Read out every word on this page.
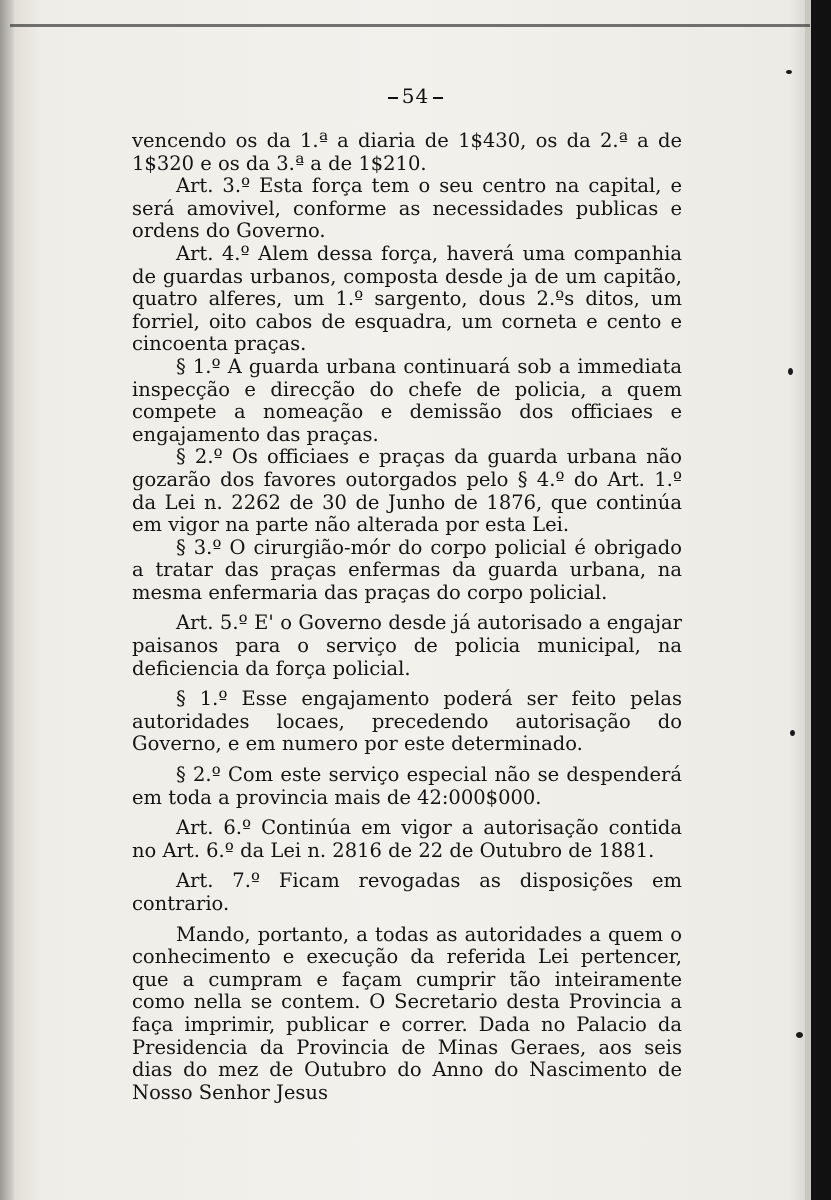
54

vencendo os da 1.ª a diaria de 1$430, os da 2.ª a de 1$320 e os da 3.ª a de 1$210.

Art. 3.º Esta força tem o seu centro na capital, e será amovivel, conforme as necessidades publicas e ordens do Governo.

Art. 4.º Alem dessa força, haverá uma companhia de guardas urbanos, composta desde ja de um capitão, quatro alferes, um 1.º sargento, dous 2.ºs ditos, um forriel, oito cabos de esquadra, um corneta e cento e cincoenta praças.

§ 1.º A guarda urbana continuará sob a immediata inspecção e direcção do chefe de policia, a quem compete a nomeação e demissão dos officiaes e engajamento das praças.

§ 2.º Os officiaes e praças da guarda urbana não gozarão dos favores outorgados pelo § 4.º do Art. 1.º da Lei n. 2262 de 30 de Junho de 1876, que continúa em vigor na parte não alterada por esta Lei.

§ 3.º O cirurgião-mór do corpo policial é obrigado a tratar das praças enfermas da guarda urbana, na mesma enfermaria das praças do corpo policial.

Art. 5.º E' o Governo desde já autorisado a engajar paisanos para o serviço de policia municipal, na deficiencia da força policial.

§ 1.º Esse engajamento poderá ser feito pelas autoridades locaes, precedendo autorisação do Governo, e em numero por este determinado.

§ 2.º Com este serviço especial não se despenderá em toda a provincia mais de 42:000$000.

Art. 6.º Continúa em vigor a autorisação contida no Art. 6.º da Lei n. 2816 de 22 de Outubro de 1881.

Art. 7.º Ficam revogadas as disposições em contrario.

Mando, portanto, a todas as autoridades a quem o conhecimento e execução da referida Lei pertencer, que a cumpram e façam cumprir tão inteiramente como nella se contem. O Secretario desta Provincia a faça imprimir, publicar e correr. Dada no Palacio da Presidencia da Provincia de Minas Geraes, aos seis dias do mez de Outubro do Anno do Nascimento de Nosso Senhor Jesus
